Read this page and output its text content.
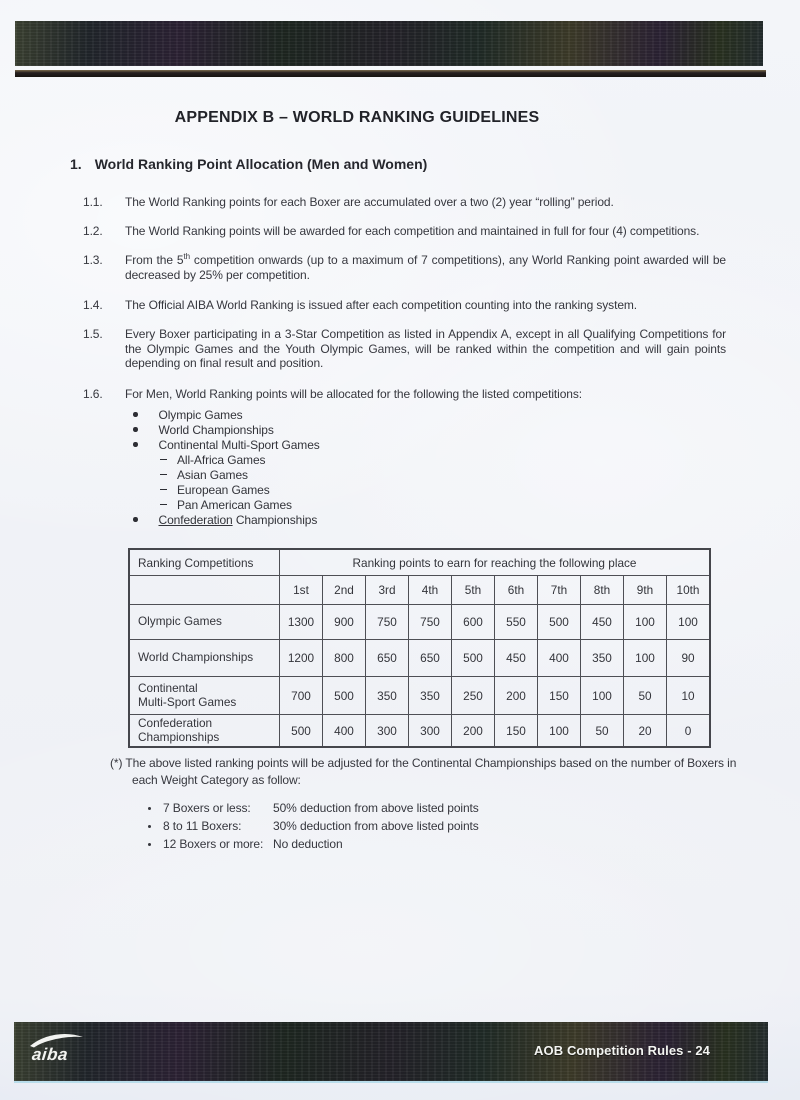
APPENDIX B – WORLD RANKING GUIDELINES
1. World Ranking Point Allocation (Men and Women)
1.1. The World Ranking points for each Boxer are accumulated over a two (2) year “rolling” period.
1.2. The World Ranking points will be awarded for each competition and maintained in full for four (4) competitions.
1.3. From the 5th competition onwards (up to a maximum of 7 competitions), any World Ranking point awarded will be decreased by 25% per competition.
1.4. The Official AIBA World Ranking is issued after each competition counting into the ranking system.
1.5. Every Boxer participating in a 3-Star Competition as listed in Appendix A, except in all Qualifying Competitions for the Olympic Games and the Youth Olympic Games, will be ranked within the competition and will gain points depending on final result and position.
1.6. For Men, World Ranking points will be allocated for the following the listed competitions:
Olympic Games
World Championships
Continental Multi-Sport Games
All-Africa Games
Asian Games
European Games
Pan American Games
Confederation Championships
Ranking Competitions	Ranking points to earn for reaching the following place									
	1st	2nd	3rd	4th	5th	6th	7th	8th	9th	10th

Olympic Games	1300	900	750	750	600	550	500	450	100	100

World Championships	1200	800	650	650	500	450	400	350	100	90

Continental
Multi-Sport Games	700	500	350	350	250	200	150	100	50	10

Confederation
Championships	500	400	300	300	200	150	100	50	20	0

(*) The above listed ranking points will be adjusted for the Continental Championships based on the number of Boxers in each Weight Category as follow:

7 Boxers or less:	50% deduction from above listed points
8 to 11 Boxers:	30% deduction from above listed points
12 Boxers or more: No deduction
aiba	AOB Competition Rules - 24
